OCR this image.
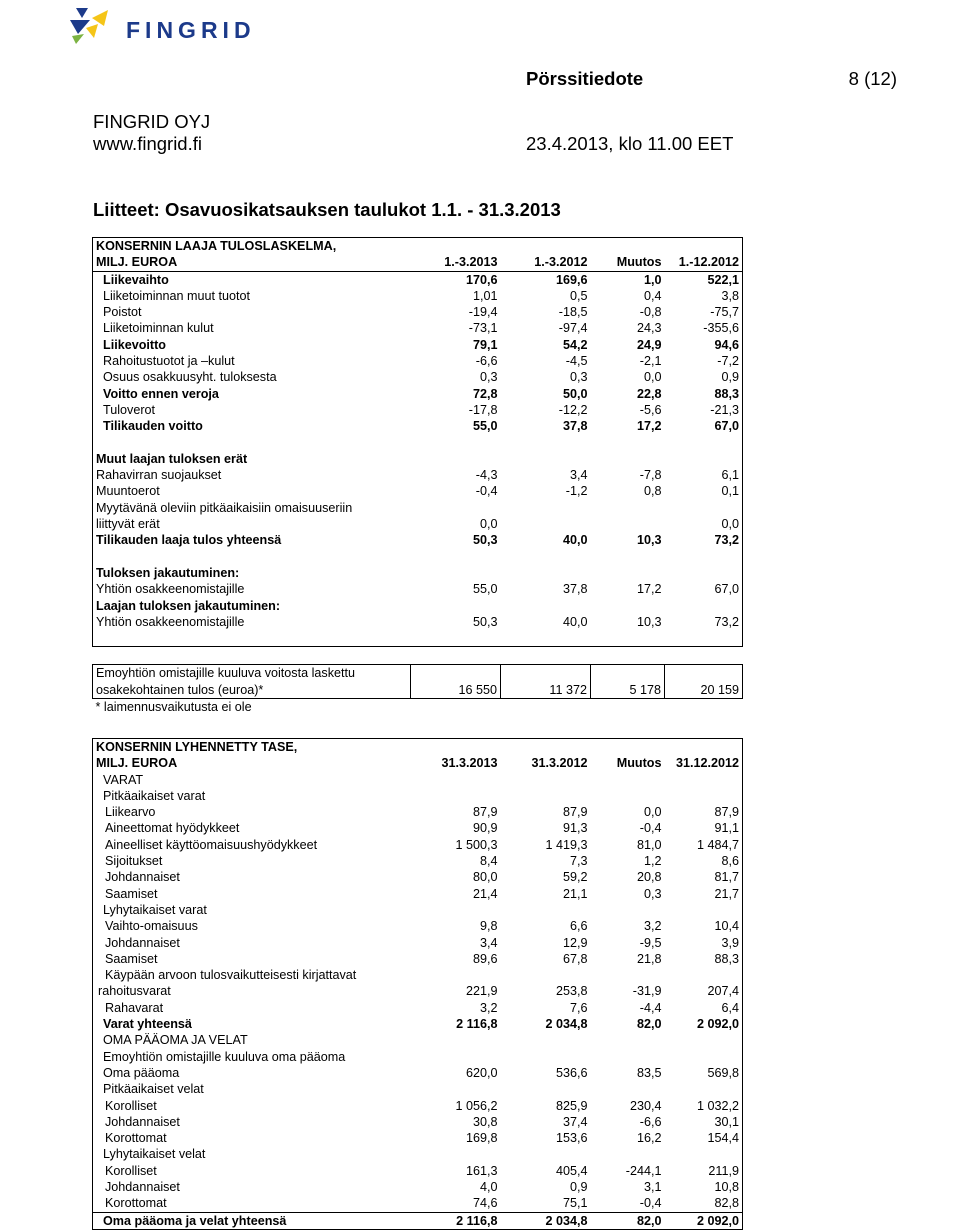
FINGRID
Pörssitiedote	8 (12)
FINGRID OYJ
www.fingrid.fi	23.4.2013, klo 11.00 EET
Liitteet: Osavuosikatsauksen taulukot 1.1. - 31.3.2013
KONSERNIN LAAJA TULOSLASKELMA,				
MILJ. EUROA	1.-3.2013	1.-3.2012	Muutos	1.-12.2012
Liikevaihto	170,6	169,6	1,0	522,1
Liiketoiminnan muut tuotot	1,01	0,5	0,4	3,8
Poistot	-19,4	-18,5	-0,8	-75,7
Liiketoiminnan kulut	-73,1	-97,4	24,3	-355,6
Liikevoitto	79,1	54,2	24,9	94,6
Rahoitustuotot ja –kulut	-6,6	-4,5	-2,1	-7,2
Osuus osakkuusyht. tuloksesta	0,3	0,3	0,0	0,9
Voitto ennen veroja	72,8	50,0	22,8	88,3
Tuloverot	-17,8	-12,2	-5,6	-21,3
Tilikauden voitto	55,0	37,8	17,2	67,0

Muut laajan tuloksen erät				
Rahavirran suojaukset	-4,3	3,4	-7,8	6,1
Muuntoerot	-0,4	-1,2	0,8	0,1
Myytävänä oleviin pitkäaikaisiin omaisuuseriin				
liittyvät erät	0,0			0,0
Tilikauden laaja tulos yhteensä	50,3	40,0	10,3	73,2

Tuloksen jakautuminen:				
Yhtiön osakkeenomistajille	55,0	37,8	17,2	67,0
Laajan tuloksen jakautuminen:				
Yhtiön osakkeenomistajille	50,3	40,0	10,3	73,2

Emoyhtiön omistajille kuuluva voitosta laskettu				
osakekohtainen tulos (euroa)*	16 550	11 372	5 178	20 159
* laimennusvaikutusta ei ole				
KONSERNIN LYHENNETTY TASE,				
MILJ. EUROA	31.3.2013	31.3.2012	Muutos	31.12.2012
VARAT				
Pitkäaikaiset varat				
Liikearvo	87,9	87,9	0,0	87,9
Aineettomat hyödykkeet	90,9	91,3	-0,4	91,1
Aineelliset käyttöomaisuushyödykkeet	1 500,3	1 419,3	81,0	1 484,7
Sijoitukset	8,4	7,3	1,2	8,6
Johdannaiset	80,0	59,2	20,8	81,7
Saamiset	21,4	21,1	0,3	21,7
Lyhytaikaiset varat				
Vaihto-omaisuus	9,8	6,6	3,2	10,4
Johdannaiset	3,4	12,9	-9,5	3,9
Saamiset	89,6	67,8	21,8	88,3
Käypään arvoon tulosvaikutteisesti kirjattavat				
rahoitusvarat	221,9	253,8	-31,9	207,4
Rahavarat	3,2	7,6	-4,4	6,4
Varat yhteensä	2 116,8	2 034,8	82,0	2 092,0
OMA PÄÄOMA JA VELAT				
Emoyhtiön omistajille kuuluva oma pääoma				
Oma pääoma	620,0	536,6	83,5	569,8
Pitkäaikaiset velat				
Korolliset	1 056,2	825,9	230,4	1 032,2
Johdannaiset	30,8	37,4	-6,6	30,1
Korottomat	169,8	153,6	16,2	154,4
Lyhytaikaiset velat				
Korolliset	161,3	405,4	-244,1	211,9
Johdannaiset	4,0	0,9	3,1	10,8
Korottomat	74,6	75,1	-0,4	82,8
Oma pääoma ja velat yhteensä	2 116,8	2 034,8	82,0	2 092,0
